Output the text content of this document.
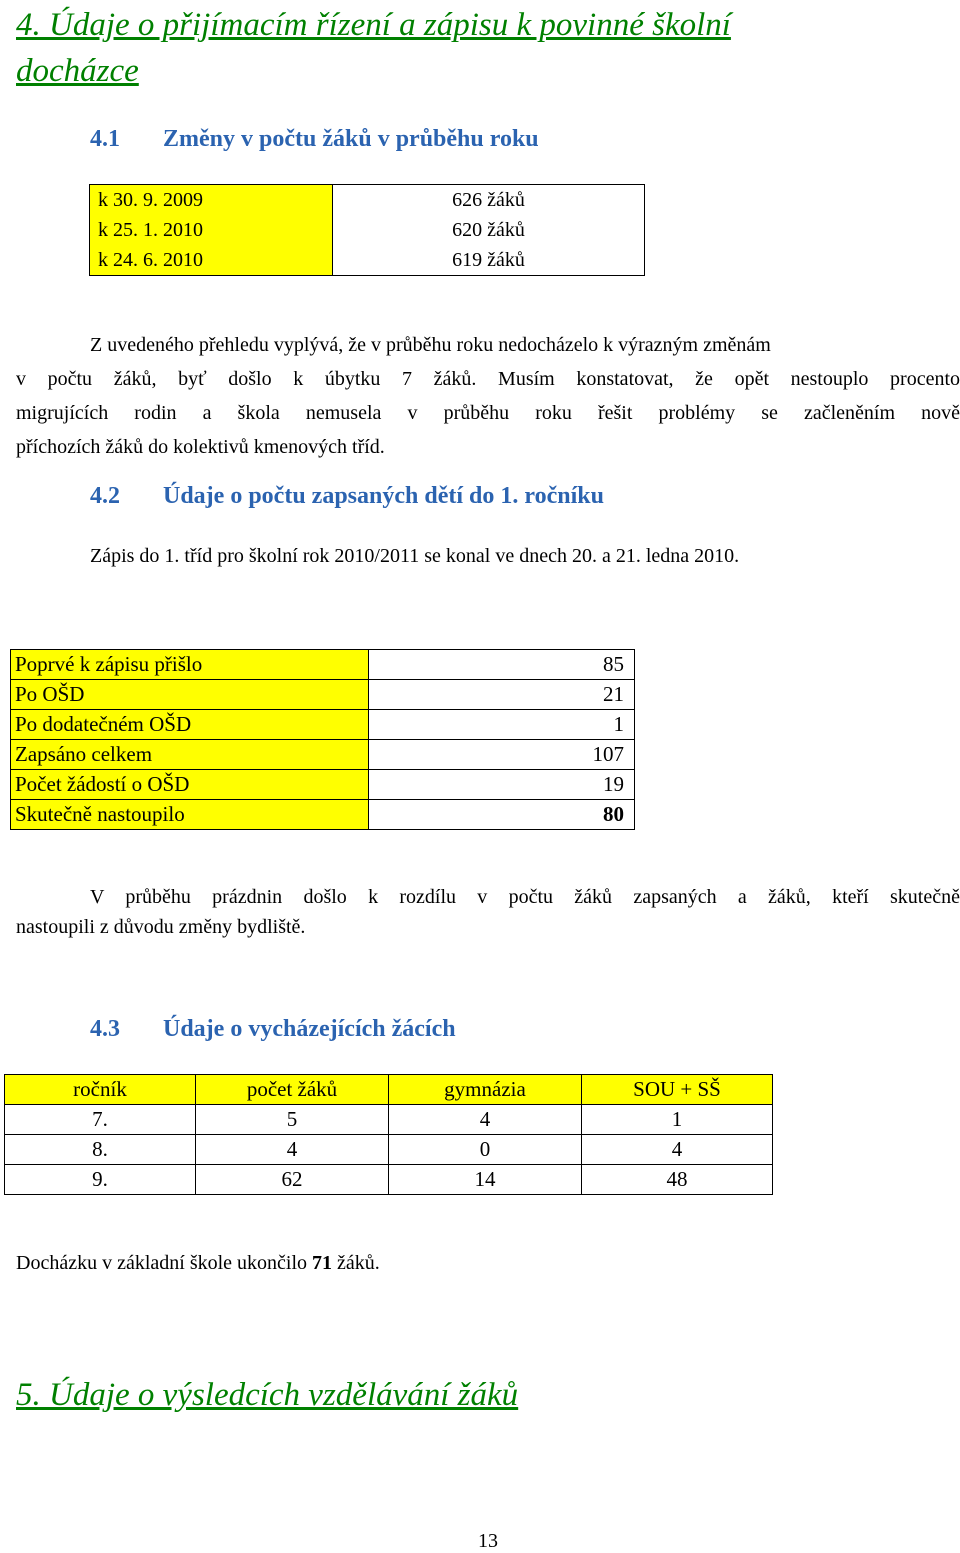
4. Údaje o přijímacím řízení a zápisu k povinné školní
docházce
4.1 Změny v počtu žáků v průběhu roku
k 30. 9. 2009	626 žáků
k 25. 1. 2010	620 žáků
k 24. 6. 2010	619 žáků
Z uvedeného přehledu vyplývá, že v průběhu roku nedocházelo k výrazným změnám
v počtu žáků, byť došlo k úbytku 7 žáků. Musím konstatovat, že opět nestouplo procento
migrujících rodin a škola nemusela v průběhu roku řešit problémy se začleněním nově
příchozích žáků do kolektivů kmenových tříd.
4.2 Údaje o počtu zapsaných dětí do 1. ročníku
Zápis do 1. tříd pro školní rok 2010/2011 se konal ve dnech 20. a 21. ledna 2010.
Poprvé k zápisu přišlo	85
Po OŠD	21
Po dodatečném OŠD	1
Zapsáno celkem	107
Počet žádostí o OŠD	19
Skutečně nastoupilo	80
V průběhu prázdnin došlo k rozdílu v počtu žáků zapsaných a žáků, kteří skutečně
nastoupili z důvodu změny bydliště.
4.3 Údaje o vycházejících žácích
ročník	počet žáků	gymnázia	SOU + SŠ
7.	5	4	1
8.	4	0	4
9.	62	14	48
Docházku v základní škole ukončilo 71 žáků.
5. Údaje o výsledcích vzdělávání žáků
13
